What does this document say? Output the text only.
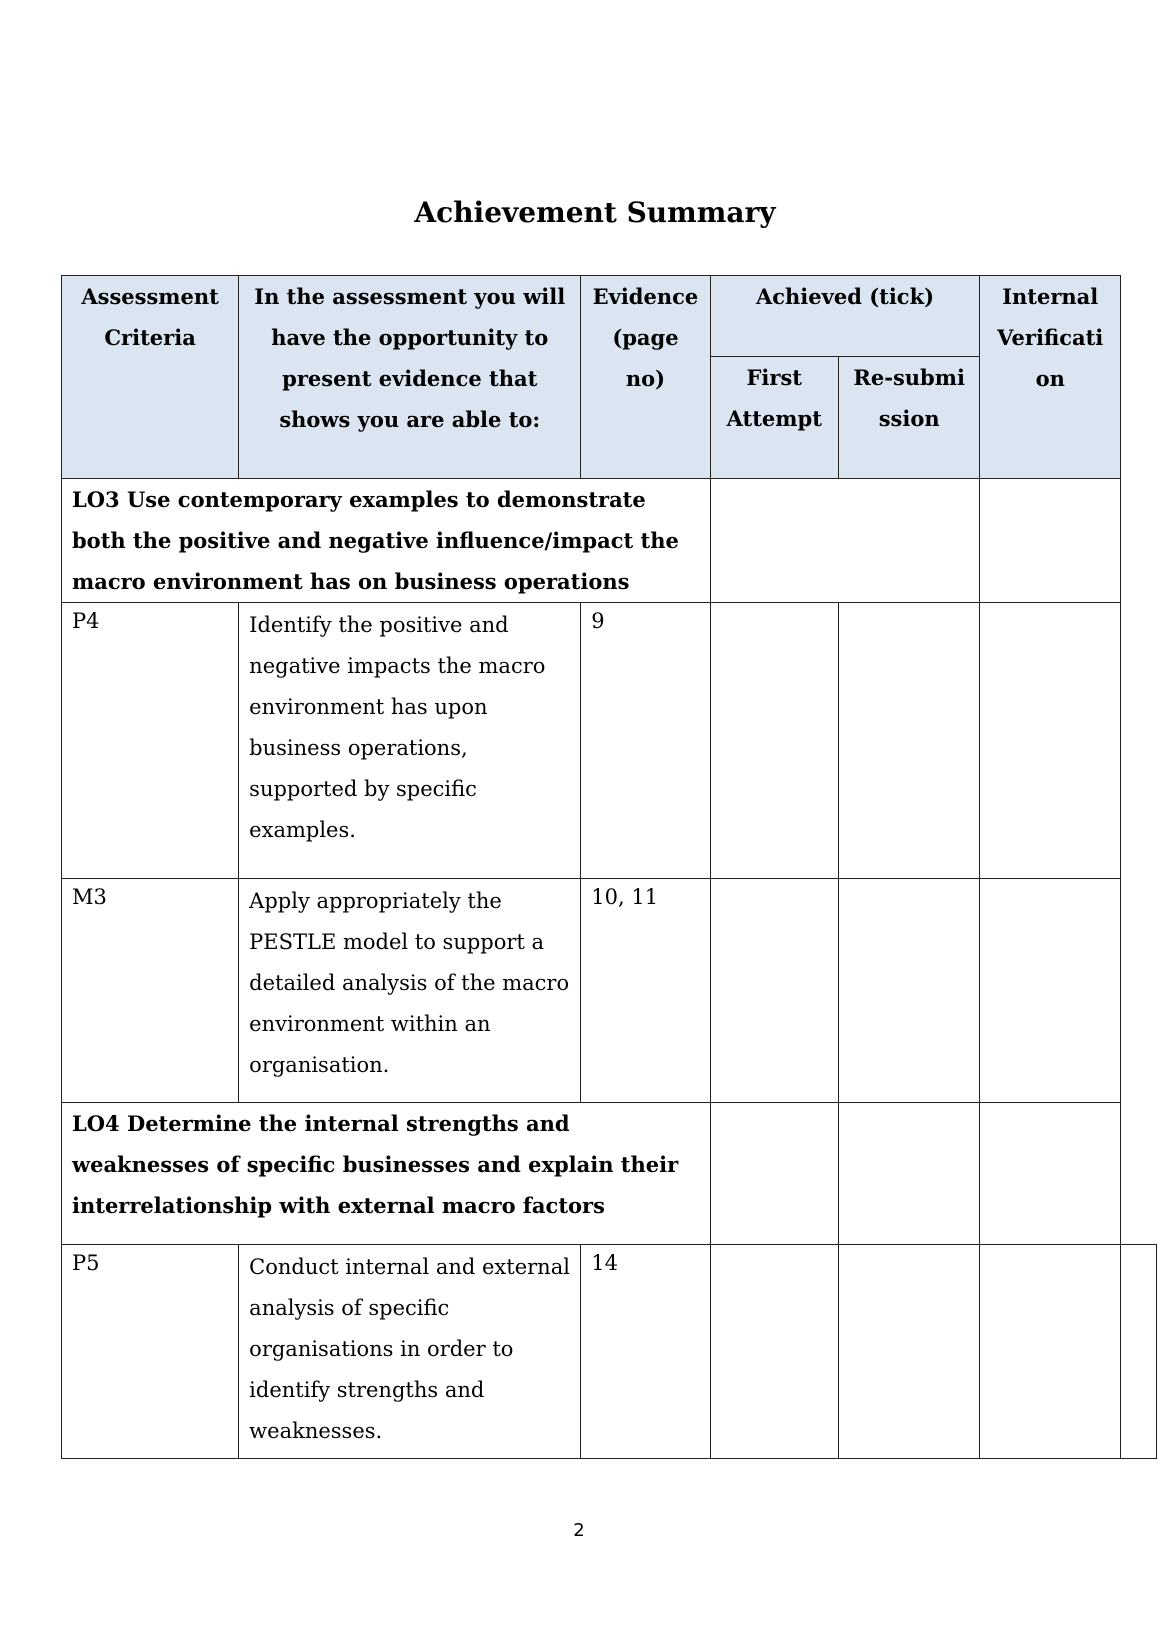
Achievement Summary
Assessment Criteria	In the assessment you will have the opportunity to present evidence that shows you are able to:	Evidence (page no)	Achieved (tick)		Internal Verification
			First Attempt	Re-submission	
LO3 Use contemporary examples to demonstrate both the positive and negative influence/impact the macro environment has on business operations					
P4	Identify the positive and negative impacts the macro environment has upon business operations, supported by specific examples.	9			
M3	Apply appropriately the PESTLE model to support a detailed analysis of the macro environment within an organisation.	10, 11			
LO4 Determine the internal strengths and weaknesses of specific businesses and explain their interrelationship with external macro factors					
P5	Conduct internal and external analysis of specific organisations in order to identify strengths and weaknesses.	14			
2
